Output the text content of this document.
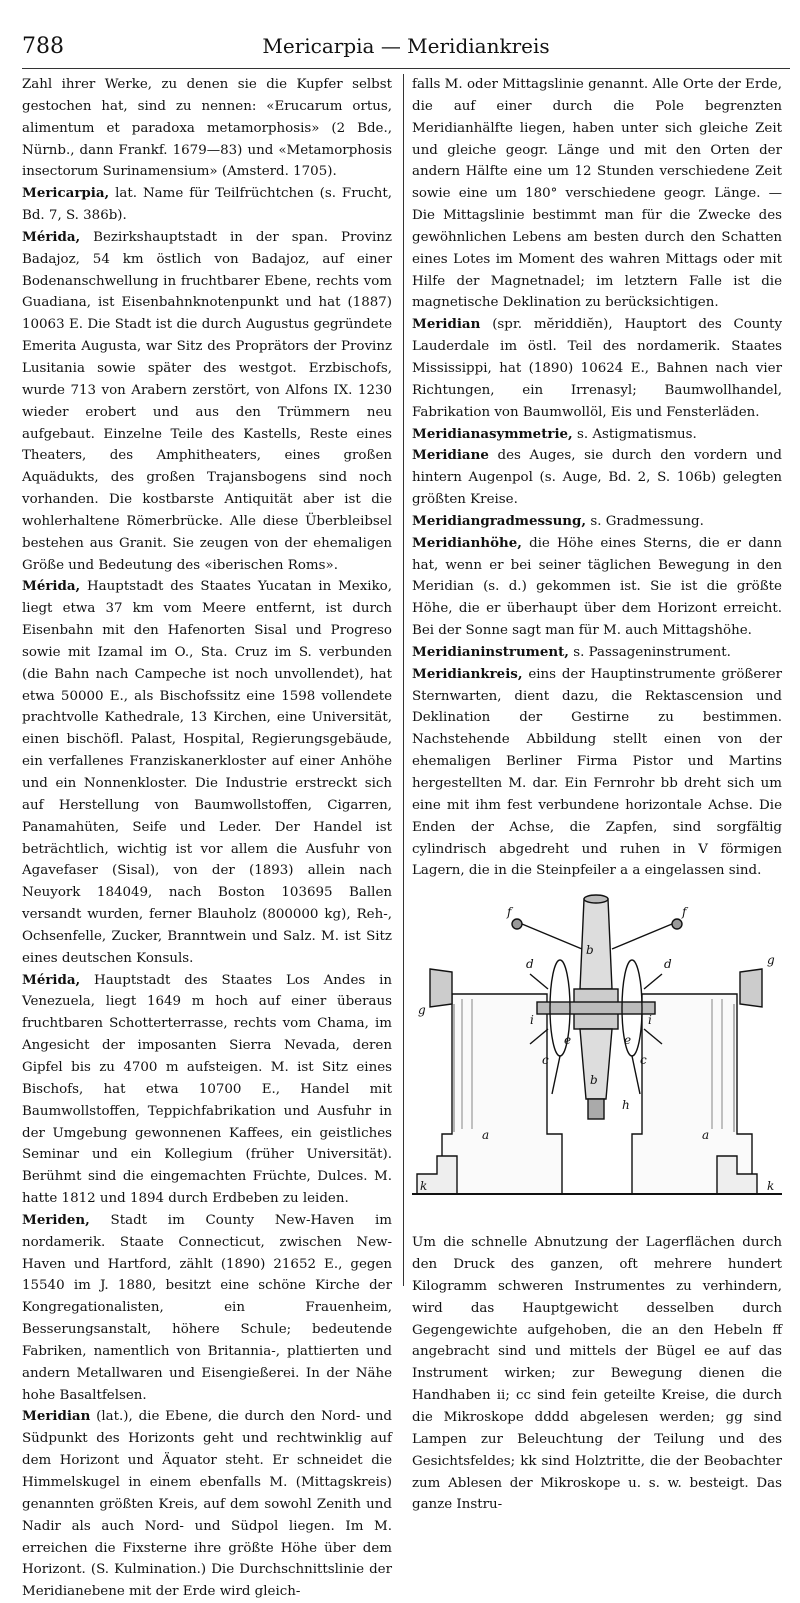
788	Mericarpia — Meridiankreis

Zahl ihrer Werke, zu denen sie die Kupfer selbst gestochen hat, sind zu nennen: «Erucarum ortus, alimentum et paradoxa metamorphosis» (2 Bde., Nürnb., dann Frankf. 1679—83) und «Metamorphosis insectorum Surinamensium» (Amsterd. 1705).

Mericarpia, lat. Name für Teilfrüchtchen (s. Frucht, Bd. 7, S. 386b).

Mérida, Bezirkshauptstadt in der span. Provinz Badajoz, 54 km östlich von Badajoz, auf einer Bodenanschwellung in fruchtbarer Ebene, rechts vom Guadiana, ist Eisenbahnknotenpunkt und hat (1887) 10063 E. Die Stadt ist die durch Augustus gegründete Emerita Augusta, war Sitz des Proprätors der Provinz Lusitania sowie später des westgot. Erzbischofs, wurde 713 von Arabern zerstört, von Alfons IX. 1230 wieder erobert und aus den Trümmern neu aufgebaut. Einzelne Teile des Kastells, Reste eines Theaters, des Amphitheaters, eines großen Aquädukts, des großen Trajansbogens sind noch vorhanden. Die kostbarste Antiquität aber ist die wohlerhaltene Römerbrücke. Alle diese Überbleibsel bestehen aus Granit. Sie zeugen von der ehemaligen Größe und Bedeutung des «iberischen Roms».

Mérida, Hauptstadt des Staates Yucatan in Mexiko, liegt etwa 37 km vom Meere entfernt, ist durch Eisenbahn mit den Hafenorten Sisal und Progreso sowie mit Izamal im O., Sta. Cruz im S. verbunden (die Bahn nach Campeche ist noch unvollendet), hat etwa 50000 E., als Bischofssitz eine 1598 vollendete prachtvolle Kathedrale, 13 Kirchen, eine Universität, einen bischöfl. Palast, Hospital, Regierungsgebäude, ein verfallenes Franziskanerkloster auf einer Anhöhe und ein Nonnenkloster. Die Industrie erstreckt sich auf Herstellung von Baumwollstoffen, Cigarren, Panamahüten, Seife und Leder. Der Handel ist beträchtlich, wichtig ist vor allem die Ausfuhr von Agavefaser (Sisal), von der (1893) allein nach Neuyork 184049, nach Boston 103695 Ballen versandt wurden, ferner Blauholz (800000 kg), Reh-, Ochsenfelle, Zucker, Branntwein und Salz. M. ist Sitz eines deutschen Konsuls.

Mérida, Hauptstadt des Staates Los Andes in Venezuela, liegt 1649 m hoch auf einer überaus fruchtbaren Schotterterrasse, rechts vom Chama, im Angesicht der imposanten Sierra Nevada, deren Gipfel bis zu 4700 m aufsteigen. M. ist Sitz eines Bischofs, hat etwa 10700 E., Handel mit Baumwollstoffen, Teppichfabrikation und Ausfuhr in der Umgebung gewonnenen Kaffees, ein geistliches Seminar und ein Kollegium (früher Universität). Berühmt sind die eingemachten Früchte, Dulces. M. hatte 1812 und 1894 durch Erdbeben zu leiden.

Meriden, Stadt im County New-Haven im nordamerik. Staate Connecticut, zwischen New-Haven und Hartford, zählt (1890) 21652 E., gegen 15540 im J. 1880, besitzt eine schöne Kirche der Kongregationalisten, ein Frauenheim, Besserungsanstalt, höhere Schule; bedeutende Fabriken, namentlich von Britannia-, plattierten und andern Metallwaren und Eisengießerei. In der Nähe hohe Basaltfelsen.

Meridian (lat.), die Ebene, die durch den Nord- und Südpunkt des Horizonts geht und rechtwinklig auf dem Horizont und Äquator steht. Er schneidet die Himmelskugel in einem ebenfalls M. (Mittagskreis) genannten größten Kreis, auf dem sowohl Zenith und Nadir als auch Nord- und Südpol liegen. Im M. erreichen die Fixsterne ihre größte Höhe über dem Horizont. (S. Kulmination.) Die Durchschnittslinie der Meridianebene mit der Erde wird gleich-

falls M. oder Mittagslinie genannt. Alle Orte der Erde, die auf einer durch die Pole begrenzten Meridianhälfte liegen, haben unter sich gleiche Zeit und gleiche geogr. Länge und mit den Orten der andern Hälfte eine um 12 Stunden verschiedene Zeit sowie eine um 180° verschiedene geogr. Länge. — Die Mittagslinie bestimmt man für die Zwecke des gewöhnlichen Lebens am besten durch den Schatten eines Lotes im Moment des wahren Mittags oder mit Hilfe der Magnetnadel; im letztern Falle ist die magnetische Deklination zu berücksichtigen.

Meridian (spr. mĕriddiĕn), Hauptort des County Lauderdale im östl. Teil des nordamerik. Staates Mississippi, hat (1890) 10624 E., Bahnen nach vier Richtungen, ein Irrenasyl; Baumwollhandel, Fabrikation von Baumwollöl, Eis und Fensterläden.

Meridianasymmetrie, s. Astigmatismus.

Meridiane des Auges, sie durch den vordern und hintern Augenpol (s. Auge, Bd. 2, S. 106b) gelegten größten Kreise.

Meridiangradmessung, s. Gradmessung.

Meridianhöhe, die Höhe eines Sterns, die er dann hat, wenn er bei seiner täglichen Bewegung in den Meridian (s. d.) gekommen ist. Sie ist die größte Höhe, die er überhaupt über dem Horizont erreicht. Bei der Sonne sagt man für M. auch Mittagshöhe.

Meridianinstrument, s. Passageninstrument.

Meridiankreis, eins der Hauptinstrumente größerer Sternwarten, dient dazu, die Rektascension und Deklination der Gestirne zu bestimmen. Nachstehende Abbildung stellt einen von der ehemaligen Berliner Firma Pistor und Martins hergestellten M. dar. Ein Fernrohr bb dreht sich um eine mit ihm fest verbundene horizontale Achse. Die Enden der Achse, die Zapfen, sind sorgfältig cylindrisch abgedreht und ruhen in V förmigen Lagern, die in die Steinpfeiler a a eingelassen sind.

a	a
b
b
c	c
d	d
e	e
f	f
g
g
h
i	i
k	k

Um die schnelle Abnutzung der Lagerflächen durch den Druck des ganzen, oft mehrere hundert Kilogramm schweren Instrumentes zu verhindern, wird das Hauptgewicht desselben durch Gegengewichte aufgehoben, die an den Hebeln ff angebracht sind und mittels der Bügel ee auf das Instrument wirken; zur Bewegung dienen die Handhaben ii; cc sind fein geteilte Kreise, die durch die Mikroskope dddd abgelesen werden; gg sind Lampen zur Beleuchtung der Teilung und des Gesichtsfeldes; kk sind Holztritte, die der Beobachter zum Ablesen der Mikroskope u. s. w. besteigt. Das ganze Instru-
